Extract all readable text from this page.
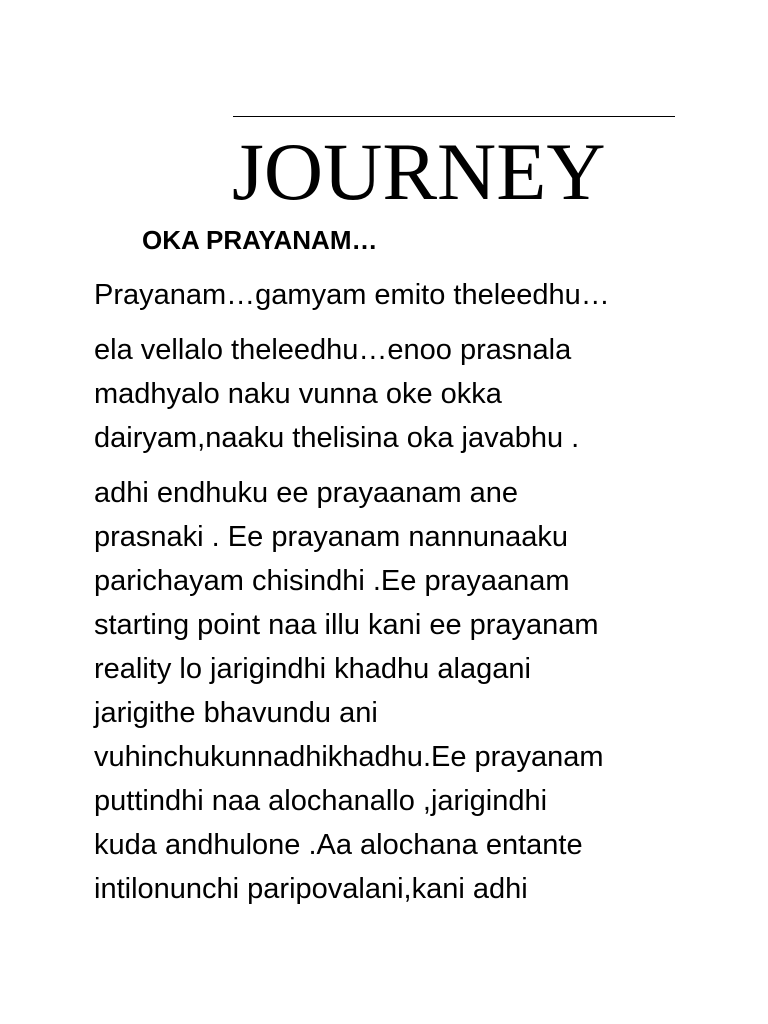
JOURNEY
OKA PRAYANAM…
Prayanam…gamyam emito theleedhu…
ela vellalo theleedhu…enoo prasnala
madhyalo naku vunna oke okka
dairyam,naaku thelisina oka javabhu .
adhi endhuku ee prayaanam ane
prasnaki . Ee prayanam nannunaaku
parichayam chisindhi .Ee prayaanam
starting point naa illu kani ee prayanam
reality lo jarigindhi khadhu alagani
jarigithe bhavundu ani
vuhinchukunnadhikhadhu.Ee prayanam
puttindhi naa alochanallo ,jarigindhi
kuda andhulone .Aa alochana entante
intilonunchi paripovalani,kani adhi
